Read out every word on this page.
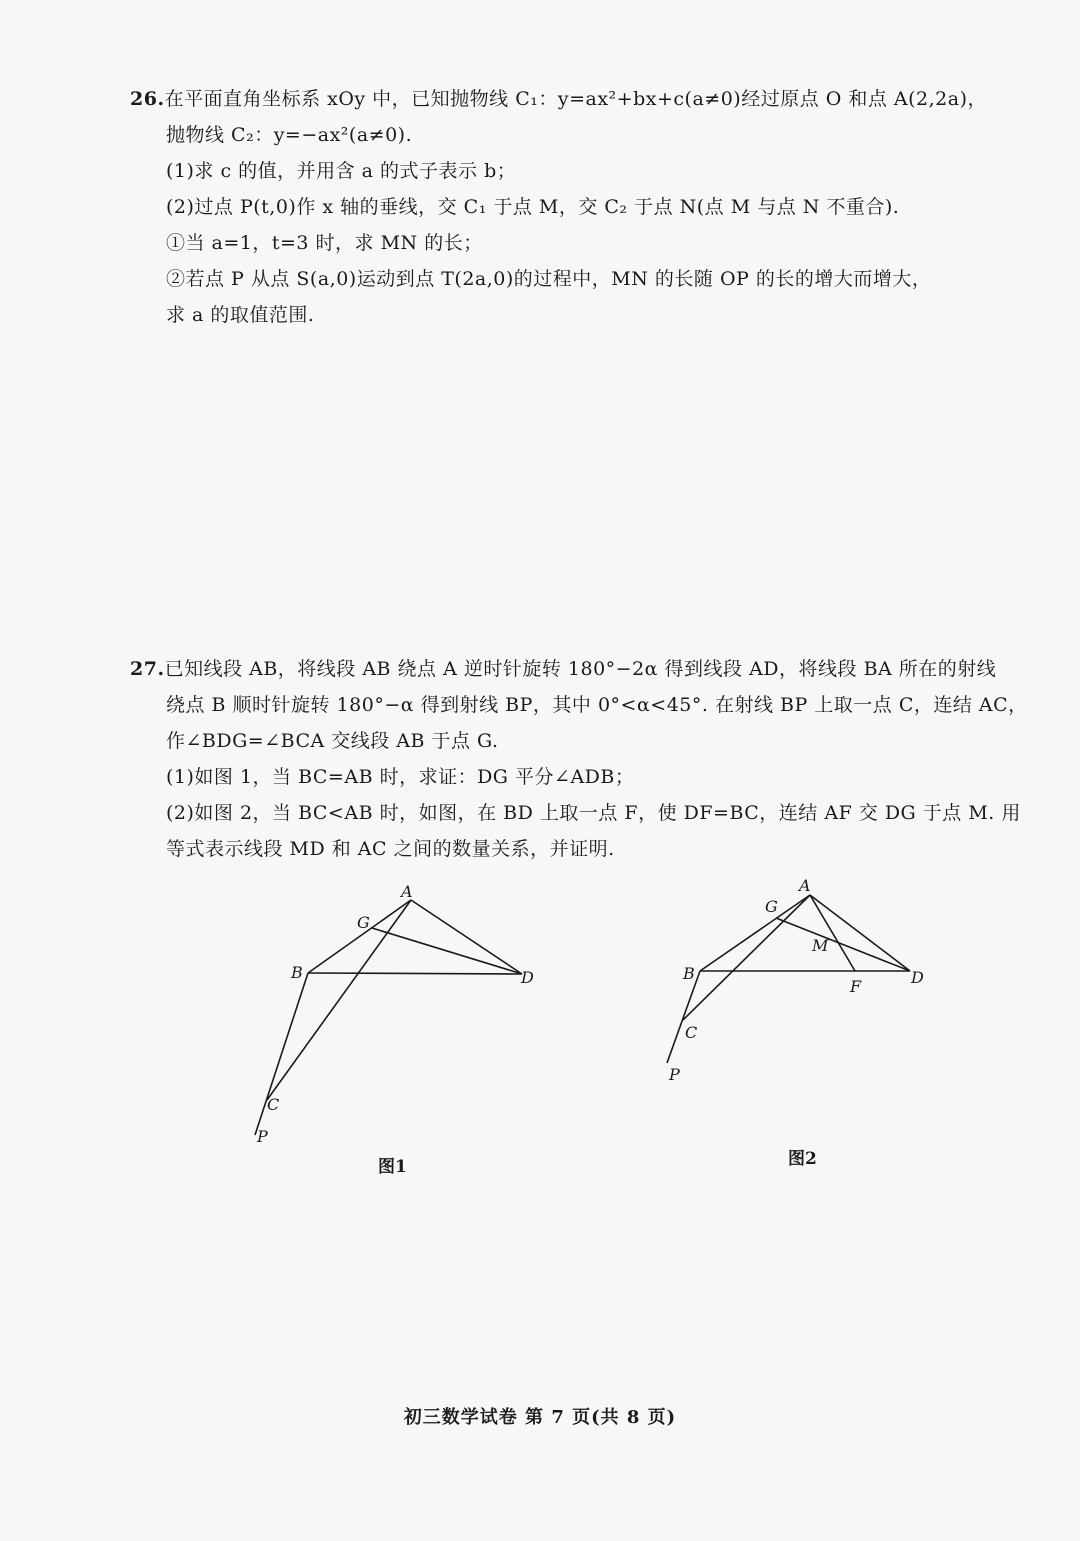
26.在平面直角坐标系 xOy 中，已知抛物线 C₁：y=ax²+bx+c(a≠0)经过原点 O 和点 A(2,2a)，
抛物线 C₂：y=−ax²(a≠0).
(1)求 c 的值，并用含 a 的式子表示 b；
(2)过点 P(t,0)作 x 轴的垂线，交 C₁ 于点 M，交 C₂ 于点 N(点 M 与点 N 不重合).
①当 a=1，t=3 时，求 MN 的长；
②若点 P 从点 S(a,0)运动到点 T(2a,0)的过程中，MN 的长随 OP 的长的增大而增大，
求 a 的取值范围.
27.已知线段 AB，将线段 AB 绕点 A 逆时针旋转 180°−2α 得到线段 AD，将线段 BA 所在的射线
绕点 B 顺时针旋转 180°−α 得到射线 BP，其中 0°<α<45°. 在射线 BP 上取一点 C，连结 AC，
作∠BDG=∠BCA 交线段 AB 于点 G.
(1)如图 1，当 BC=AB 时，求证：DG 平分∠ADB；
(2)如图 2，当 BC<AB 时，如图，在 BD 上取一点 F，使 DF=BC，连结 AF 交 DG 于点 M. 用
等式表示线段 MD 和 AC 之间的数量关系，并证明.
A
G
B	D
C
P
图1
A
G
M
B
F	D
C
P
图2
初三数学试卷 第 7 页(共 8 页)
